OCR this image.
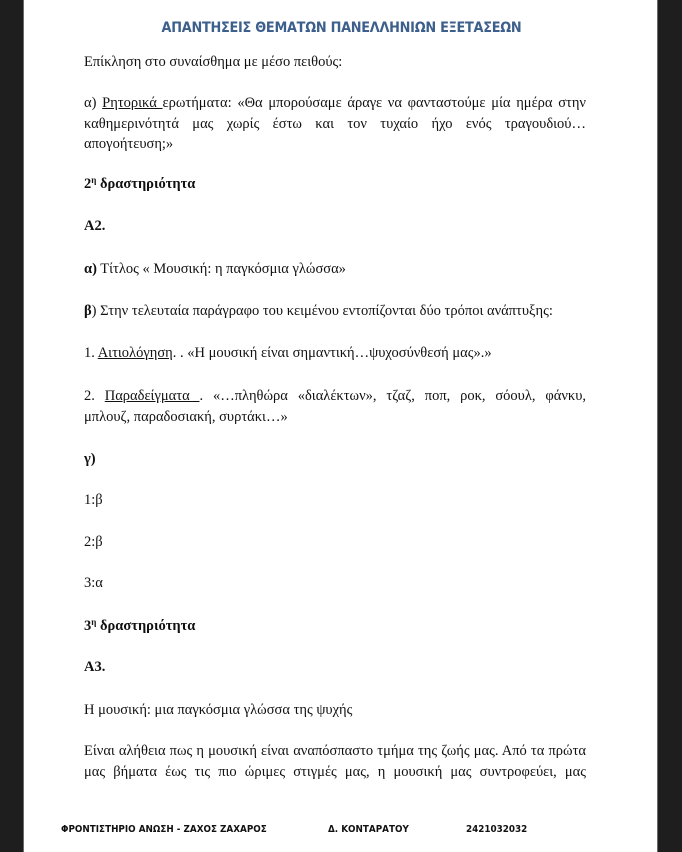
ΑΠΑΝΤΗΣΕΙΣ ΘΕΜΑΤΩΝ ΠΑΝΕΛΛΗΝΙΩΝ ΕΞΕΤΑΣΕΩΝ
Επίκληση στο συναίσθημα με μέσο πειθούς:
α) Ρητορικά ερωτήματα: «Θα μπορούσαμε άραγε να φανταστούμε μία ημέρα στην
καθημερινότητά μας χωρίς έστω και τον τυχαίο ήχο ενός τραγουδιού…
απογοήτευση;»
$2^\eta$ δραστηριότητα
Α2.
α) Τίτλος « Μουσική: η παγκόσμια γλώσσα»
β) Στην τελευταία παράγραφο του κειμένου εντοπίζονται δύο τρόποι ανάπτυξης:
1. Αιτιολόγηση. . «Η μουσική είναι σημαντική…ψυχοσύνθεσή μας».»
2. Παραδείγματα . «…πληθώρα «διαλέκτων», τζαζ, ποπ, ροκ, σόουλ, φάνκυ,
μπλουζ, παραδοσιακή, συρτάκι…»
γ)
1:β
2:β
3:α
$3^\eta$ δραστηριότητα
Α3.
Η μουσική: μια παγκόσμια γλώσσα της ψυχής
Είναι αλήθεια πως η μουσική είναι αναπόσπαστο τμήμα της ζωής μας. Από τα πρώτα
μας βήματα έως τις πιο ώριμες στιγμές μας, η μουσική μας συντροφεύει, μας
ΦΡΟΝΤΙΣΤΗΡΙΟ ΑΝΩΣΗ - ΖΑΧΟΣ ΖΑΧΑΡΟΣ	Δ. ΚΟΝΤΑΡΑΤΟΥ	2421032032
